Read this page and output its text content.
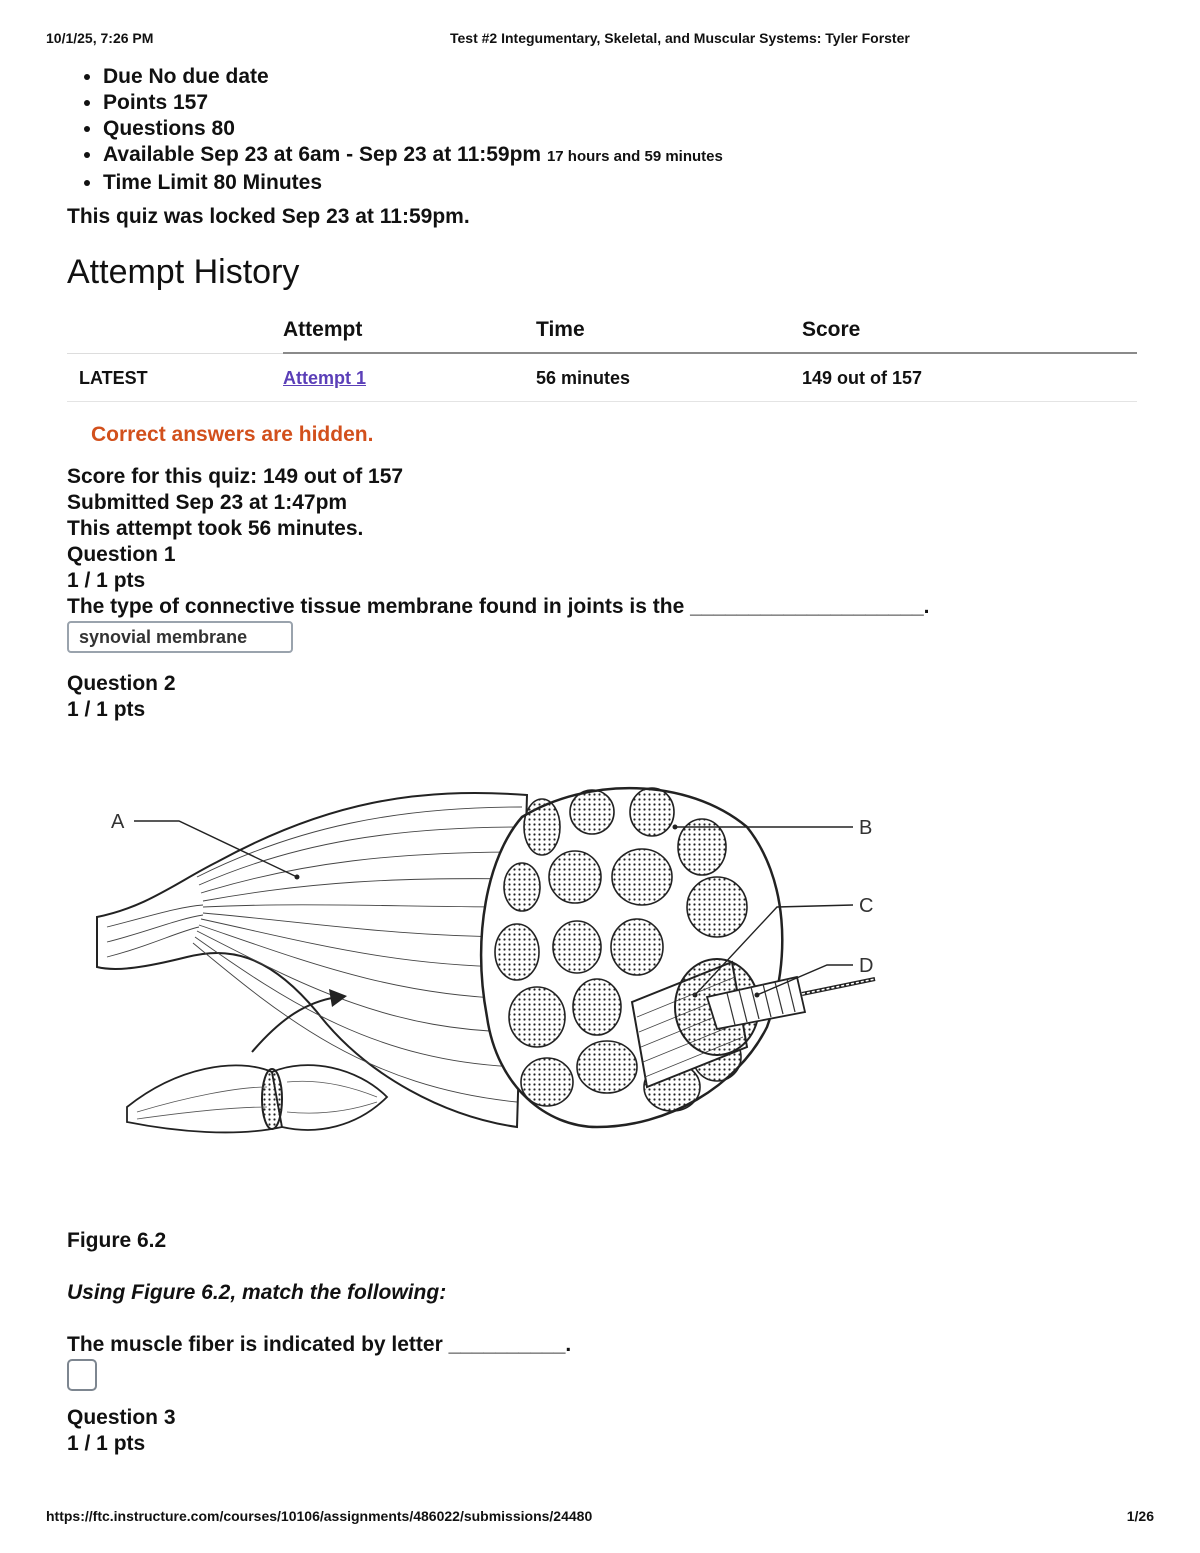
10/1/25, 7:26 PM	Test #2 Integumentary, Skeletal, and Muscular Systems: Tyler Forster
• Due No due date
• Points 157
• Questions 80
• Available Sep 23 at 6am - Sep 23 at 11:59pm 17 hours and 59 minutes
• Time Limit 80 Minutes
This quiz was locked Sep 23 at 11:59pm.
Attempt History
	Attempt	Time	Score
LATEST	Attempt 1	56 minutes	149 out of 157
Correct answers are hidden.
Score for this quiz: 149 out of 157
Submitted Sep 23 at 1:47pm
This attempt took 56 minutes.
Question 1
1 / 1 pts
The type of connective tissue membrane found in joints is the ____________________.
synovial membrane
Question 2
1 / 1 pts
A	B
C
D
Figure 6.2
Using Figure 6.2, match the following:
The muscle fiber is indicated by letter __________.
Question 3
1 / 1 pts
https://ftc.instructure.com/courses/10106/assignments/486022/submissions/24480	1/26
